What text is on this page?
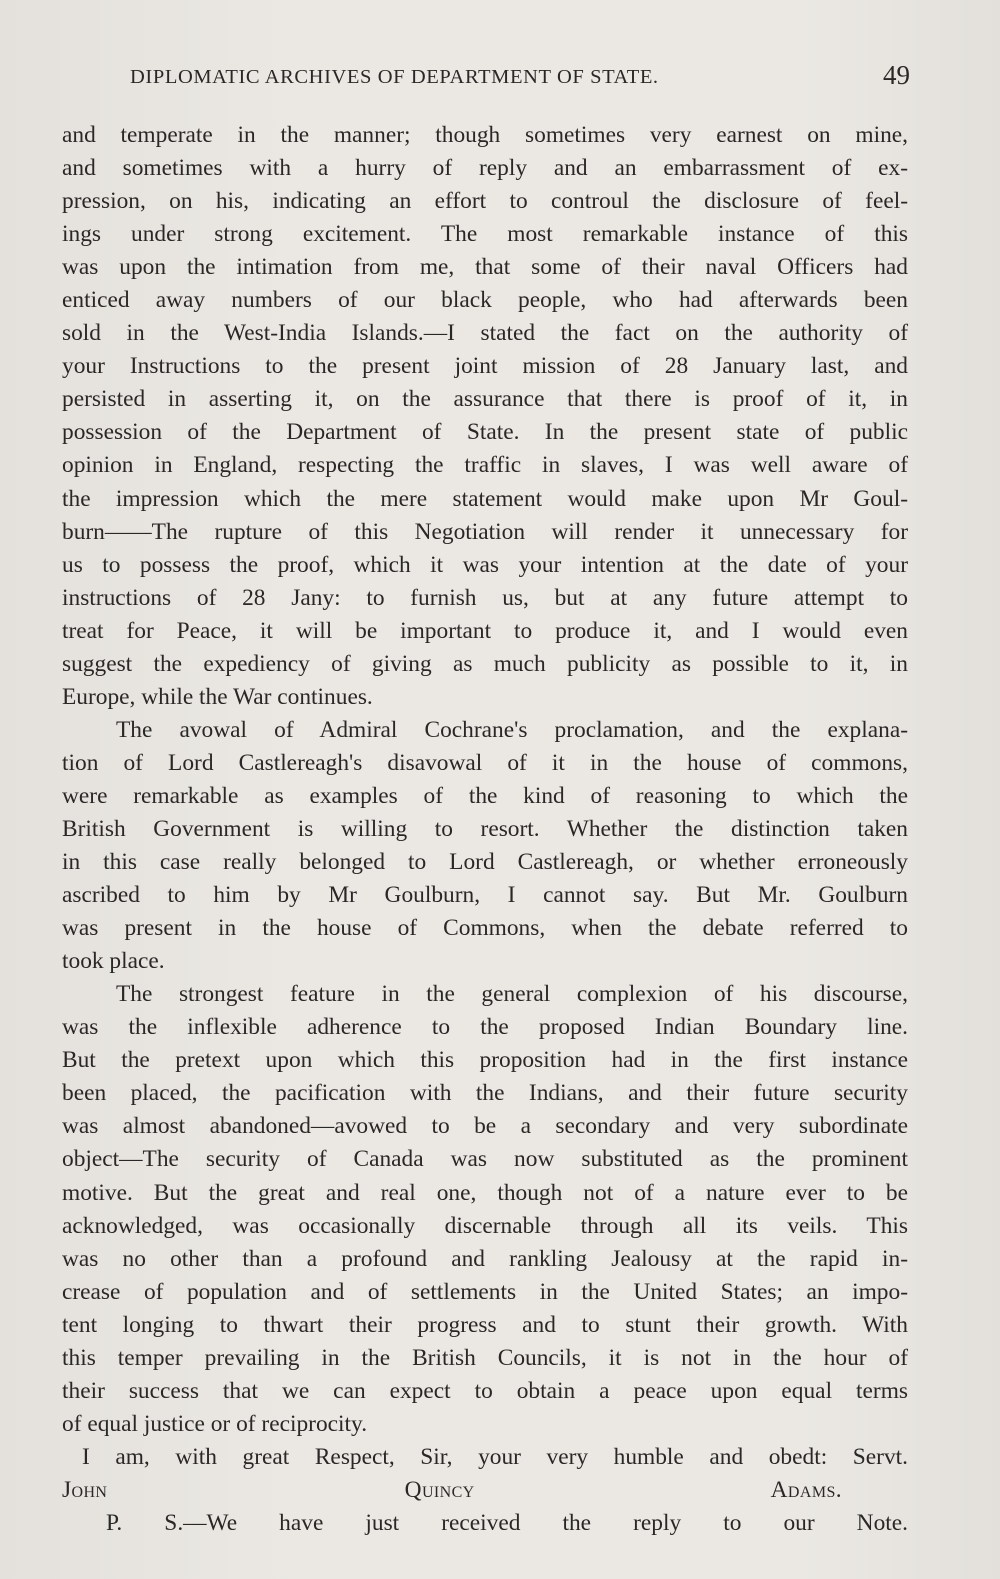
DIPLOMATIC ARCHIVES OF DEPARTMENT OF STATE.	49

and temperate in the manner; though sometimes very earnest on mine,

and sometimes with a hurry of reply and an embarrassment of ex-

pression, on his, indicating an effort to controul the disclosure of feel-

ings under strong excitement. The most remarkable instance of this

was upon the intimation from me, that some of their naval Officers had

enticed away numbers of our black people, who had afterwards been

sold in the West-India Islands.—I stated the fact on the authority of

your Instructions to the present joint mission of 28 January last, and

persisted in asserting it, on the assurance that there is proof of it, in

possession of the Department of State. In the present state of public

opinion in England, respecting the traffic in slaves, I was well aware of

the impression which the mere statement would make upon Mr Goul-

burn——The rupture of this Negotiation will render it unnecessary for

us to possess the proof, which it was your intention at the date of your

instructions of 28 Jany: to furnish us, but at any future attempt to

treat for Peace, it will be important to produce it, and I would even

suggest the expediency of giving as much publicity as possible to it, in

Europe, while the War continues.

The avowal of Admiral Cochrane's proclamation, and the explana-

tion of Lord Castlereagh's disavowal of it in the house of commons,

were remarkable as examples of the kind of reasoning to which the

British Government is willing to resort. Whether the distinction taken

in this case really belonged to Lord Castlereagh, or whether erroneously

ascribed to him by Mr Goulburn, I cannot say. But Mr. Goulburn

was present in the house of Commons, when the debate referred to

took place.

The strongest feature in the general complexion of his discourse,

was the inflexible adherence to the proposed Indian Boundary line.

But the pretext upon which this proposition had in the first instance

been placed, the pacification with the Indians, and their future security

was almost abandoned—avowed to be a secondary and very subordinate

object—The security of Canada was now substituted as the prominent

motive. But the great and real one, though not of a nature ever to be

acknowledged, was occasionally discernable through all its veils. This

was no other than a profound and rankling Jealousy at the rapid in-

crease of population and of settlements in the United States; an impo-

tent longing to thwart their progress and to stunt their growth. With

this temper prevailing in the British Councils, it is not in the hour of

their success that we can expect to obtain a peace upon equal terms

of equal justice or of reciprocity.

I am, with great Respect, Sir, your very humble and obedt: Servt.

John Quincy Adams.

P. S.—We have just received the reply to our Note.
